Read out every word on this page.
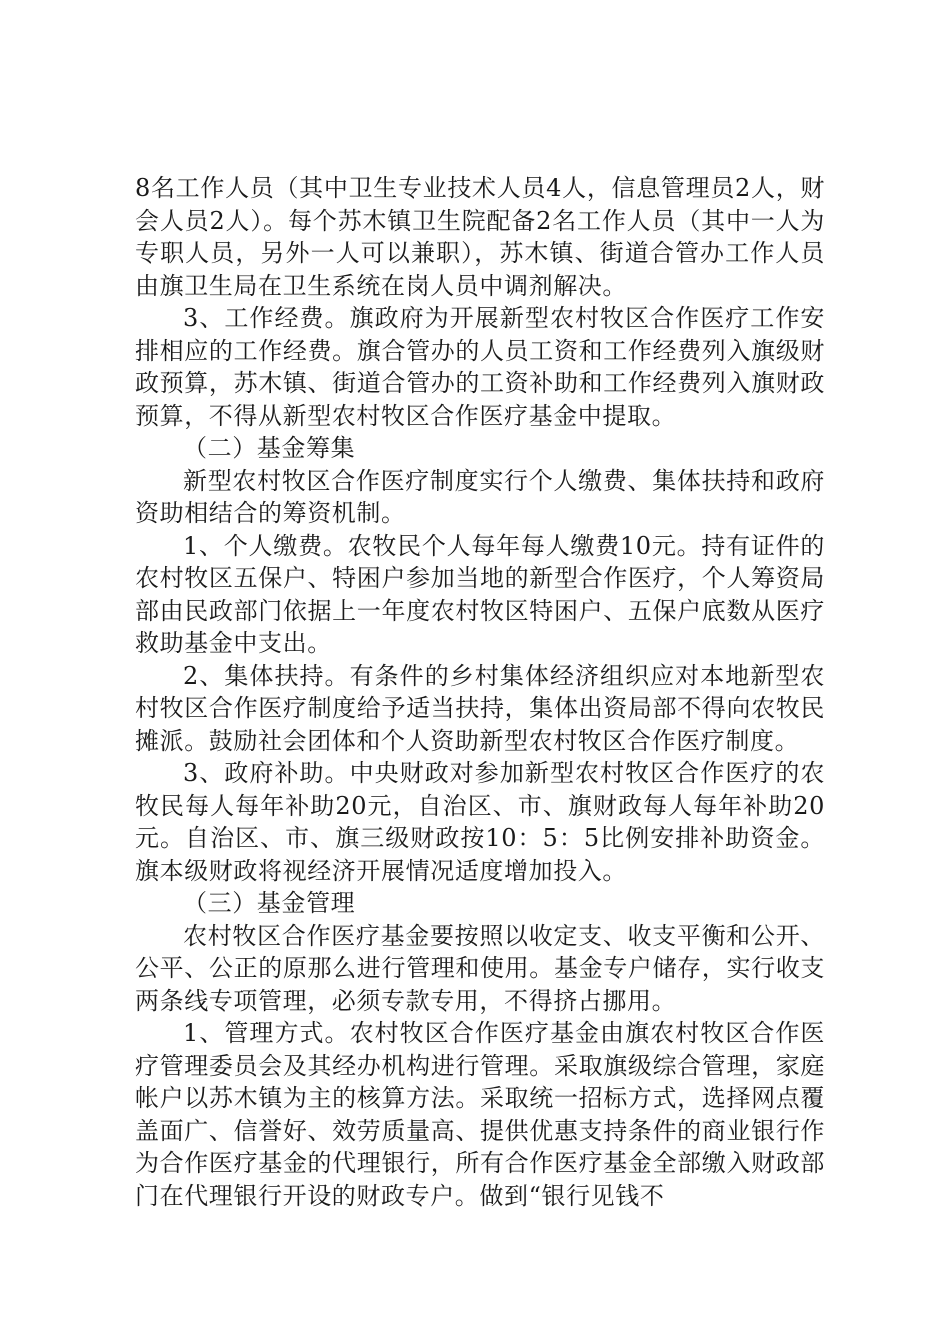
8名工作人员（其中卫生专业技术人员4人，信息管理员2人，财会人员2人）。每个苏木镇卫生院配备2名工作人员（其中一人为专职人员，另外一人可以兼职），苏木镇、街道合管办工作人员由旗卫生局在卫生系统在岗人员中调剂解决。

3、工作经费。旗政府为开展新型农村牧区合作医疗工作安排相应的工作经费。旗合管办的人员工资和工作经费列入旗级财政预算，苏木镇、街道合管办的工资补助和工作经费列入旗财政预算，不得从新型农村牧区合作医疗基金中提取。

（二）基金筹集

新型农村牧区合作医疗制度实行个人缴费、集体扶持和政府资助相结合的筹资机制。

1、个人缴费。农牧民个人每年每人缴费10元。持有证件的农村牧区五保户、特困户参加当地的新型合作医疗，个人筹资局部由民政部门依据上一年度农村牧区特困户、五保户底数从医疗救助基金中支出。

2、集体扶持。有条件的乡村集体经济组织应对本地新型农村牧区合作医疗制度给予适当扶持，集体出资局部不得向农牧民摊派。鼓励社会团体和个人资助新型农村牧区合作医疗制度。

3、政府补助。中央财政对参加新型农村牧区合作医疗的农牧民每人每年补助20元，自治区、市、旗财政每人每年补助20元。自治区、市、旗三级财政按10：5：5比例安排补助资金。旗本级财政将视经济开展情况适度增加投入。

（三）基金管理

农村牧区合作医疗基金要按照以收定支、收支平衡和公开、公平、公正的原那么进行管理和使用。基金专户储存，实行收支两条线专项管理，必须专款专用，不得挤占挪用。

1、管理方式。农村牧区合作医疗基金由旗农村牧区合作医疗管理委员会及其经办机构进行管理。采取旗级综合管理，家庭帐户以苏木镇为主的核算方法。采取统一招标方式，选择网点覆盖面广、信誉好、效劳质量高、提供优惠支持条件的商业银行作为合作医疗基金的代理银行，所有合作医疗基金全部缴入财政部门在代理银行开设的财政专户。做到“银行见钱不
